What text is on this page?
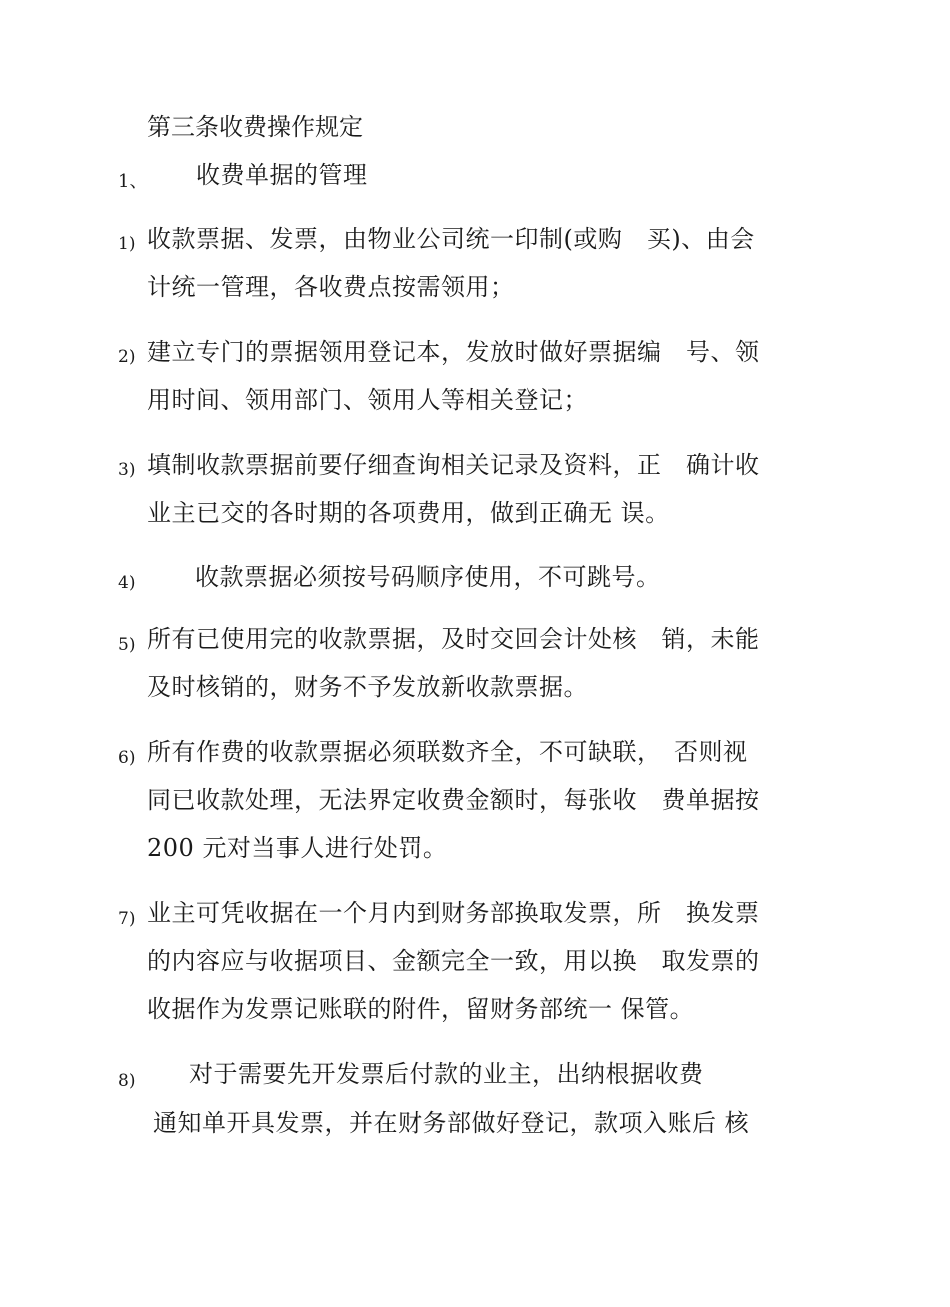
第三条收费操作规定
1、 收费单据的管理
1) 收款票据、发票，由物业公司统一印制(或购　买)、由会
计统一管理，各收费点按需领用；
2) 建立专门的票据领用登记本，发放时做好票据编　号、领
用时间、领用部门、领用人等相关登记；
3) 填制收款票据前要仔细查询相关记录及资料，正　确计收
业主已交的各时期的各项费用，做到正确无 误。
4) 收款票据必须按号码顺序使用，不可跳号。
5) 所有已使用完的收款票据，及时交回会计处核　销，未能
及时核销的，财务不予发放新收款票据。
6) 所有作费的收款票据必须联数齐全，不可缺联，　否则视
同已收款处理，无法界定收费金额时，每张收　费单据按
200 元对当事人进行处罚。
7) 业主可凭收据在一个月内到财务部换取发票，所　换发票
的内容应与收据项目、金额完全一致，用以换　取发票的
收据作为发票记账联的附件，留财务部统一 保管。
8) 对于需要先开发票后付款的业主，出纳根据收费
通知单开具发票，并在财务部做好登记，款项入账后 核
